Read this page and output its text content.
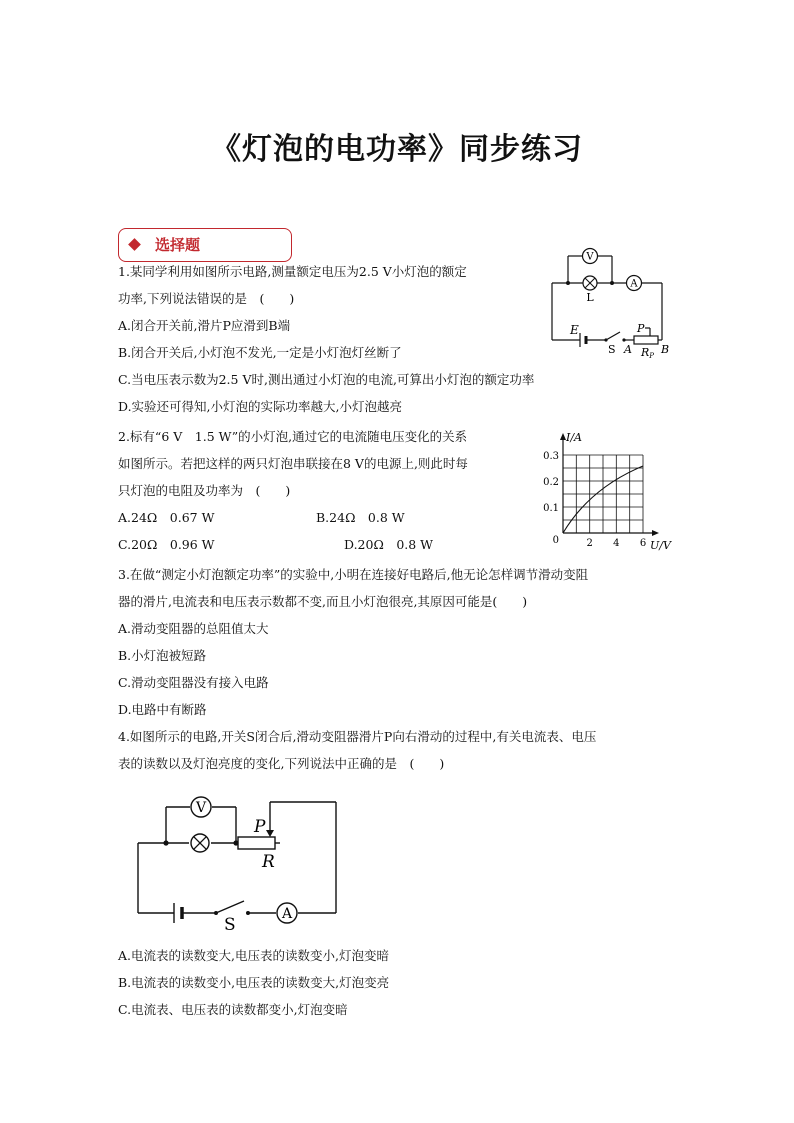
《灯泡的电功率》同步练习
选择题
1.某同学利用如图所示电路,测量额定电压为2.5 V小灯泡的额定
功率,下列说法错误的是　(　　)
A.闭合开关前,滑片P应滑到B端
B.闭合开关后,小灯泡不发光,一定是小灯泡灯丝断了
C.当电压表示数为2.5 V时,测出通过小灯泡的电流,可算出小灯泡的额定功率
D.实验还可得知,小灯泡的实际功率越大,小灯泡越亮
2.标有“6 V　1.5 W”的小灯泡,通过它的电流随电压变化的关系
如图所示。若把这样的两只灯泡串联接在8 V的电源上,则此时每
只灯泡的电阻及功率为　(　　)
A.24Ω　0.67 W	B.24Ω　0.8 W
C.20Ω　0.96 W	D.20Ω　0.8 W
3.在做“测定小灯泡额定功率”的实验中,小明在连接好电路后,他无论怎样调节滑动变阻
器的滑片,电流表和电压表示数都不变,而且小灯泡很亮,其原因可能是(　　)
A.滑动变阻器的总阻值太大
B.小灯泡被短路
C.滑动变阻器没有接入电路
D.电路中有断路
4.如图所示的电路,开关S闭合后,滑动变阻器滑片P向右滑动的过程中,有关电流表、电压
表的读数以及灯泡亮度的变化,下列说法中正确的是　(　　)
A.电流表的读数变大,电压表的读数变小,灯泡变暗
B.电流表的读数变小,电压表的读数变大,灯泡变亮
C.电流表、电压表的读数都变小,灯泡变暗
V
A
L
E	P
S A RP B
I/A
0.3
0.2
0.1
0	2 4 6 U/V
V
A
P
R
S
